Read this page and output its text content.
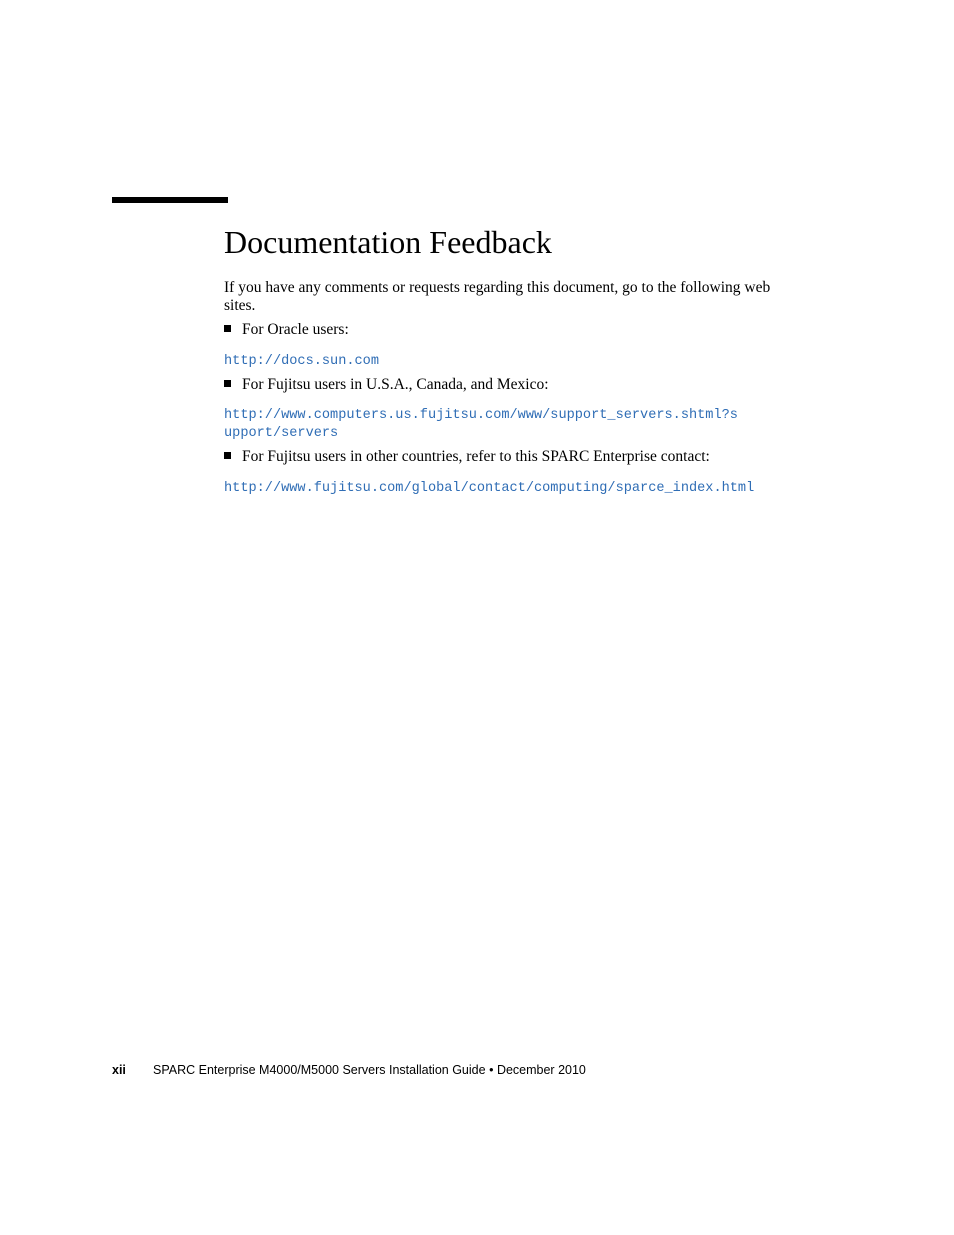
Documentation Feedback

If you have any comments or requests regarding this document, go to the following web sites.

For Oracle users:
http://docs.sun.com
For Fujitsu users in U.S.A., Canada, and Mexico:
http://www.computers.us.fujitsu.com/www/support_servers.shtml?s
upport/servers
For Fujitsu users in other countries, refer to this SPARC Enterprise contact:
http://www.fujitsu.com/global/contact/computing/sparce_index.html
xii SPARC Enterprise M4000/M5000 Servers Installation Guide • December 2010
